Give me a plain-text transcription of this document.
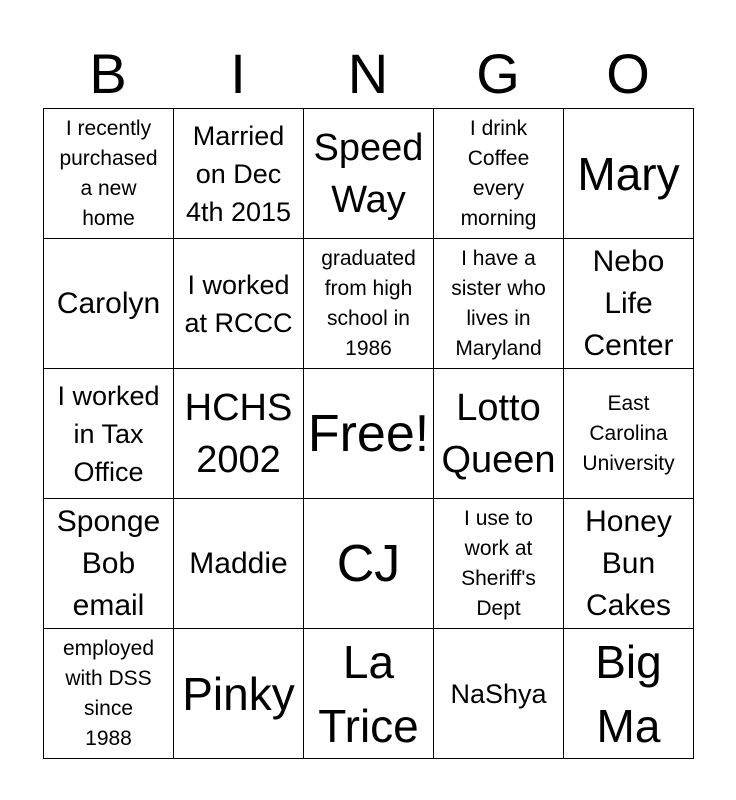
B	I	N	G	O
I recently
purchased
a new
home	Married
on Dec
4th 2015	Speed
Way	I drink
Coffee
every
morning	Mary

Carolyn	I worked
at RCCC	graduated
from high
school in
1986	I have a
sister who
lives in
Maryland	Nebo
Life
Center

I worked
in Tax
Office	HCHS
2002	Free!	Lotto
Queen	East
Carolina
University

Sponge
Bob
email	Maddie	CJ	I use to
work at
Sheriff's
Dept	Honey
Bun
Cakes

employed
with DSS
since
1988	Pinky	La
Trice	NaShya	Big
Ma
